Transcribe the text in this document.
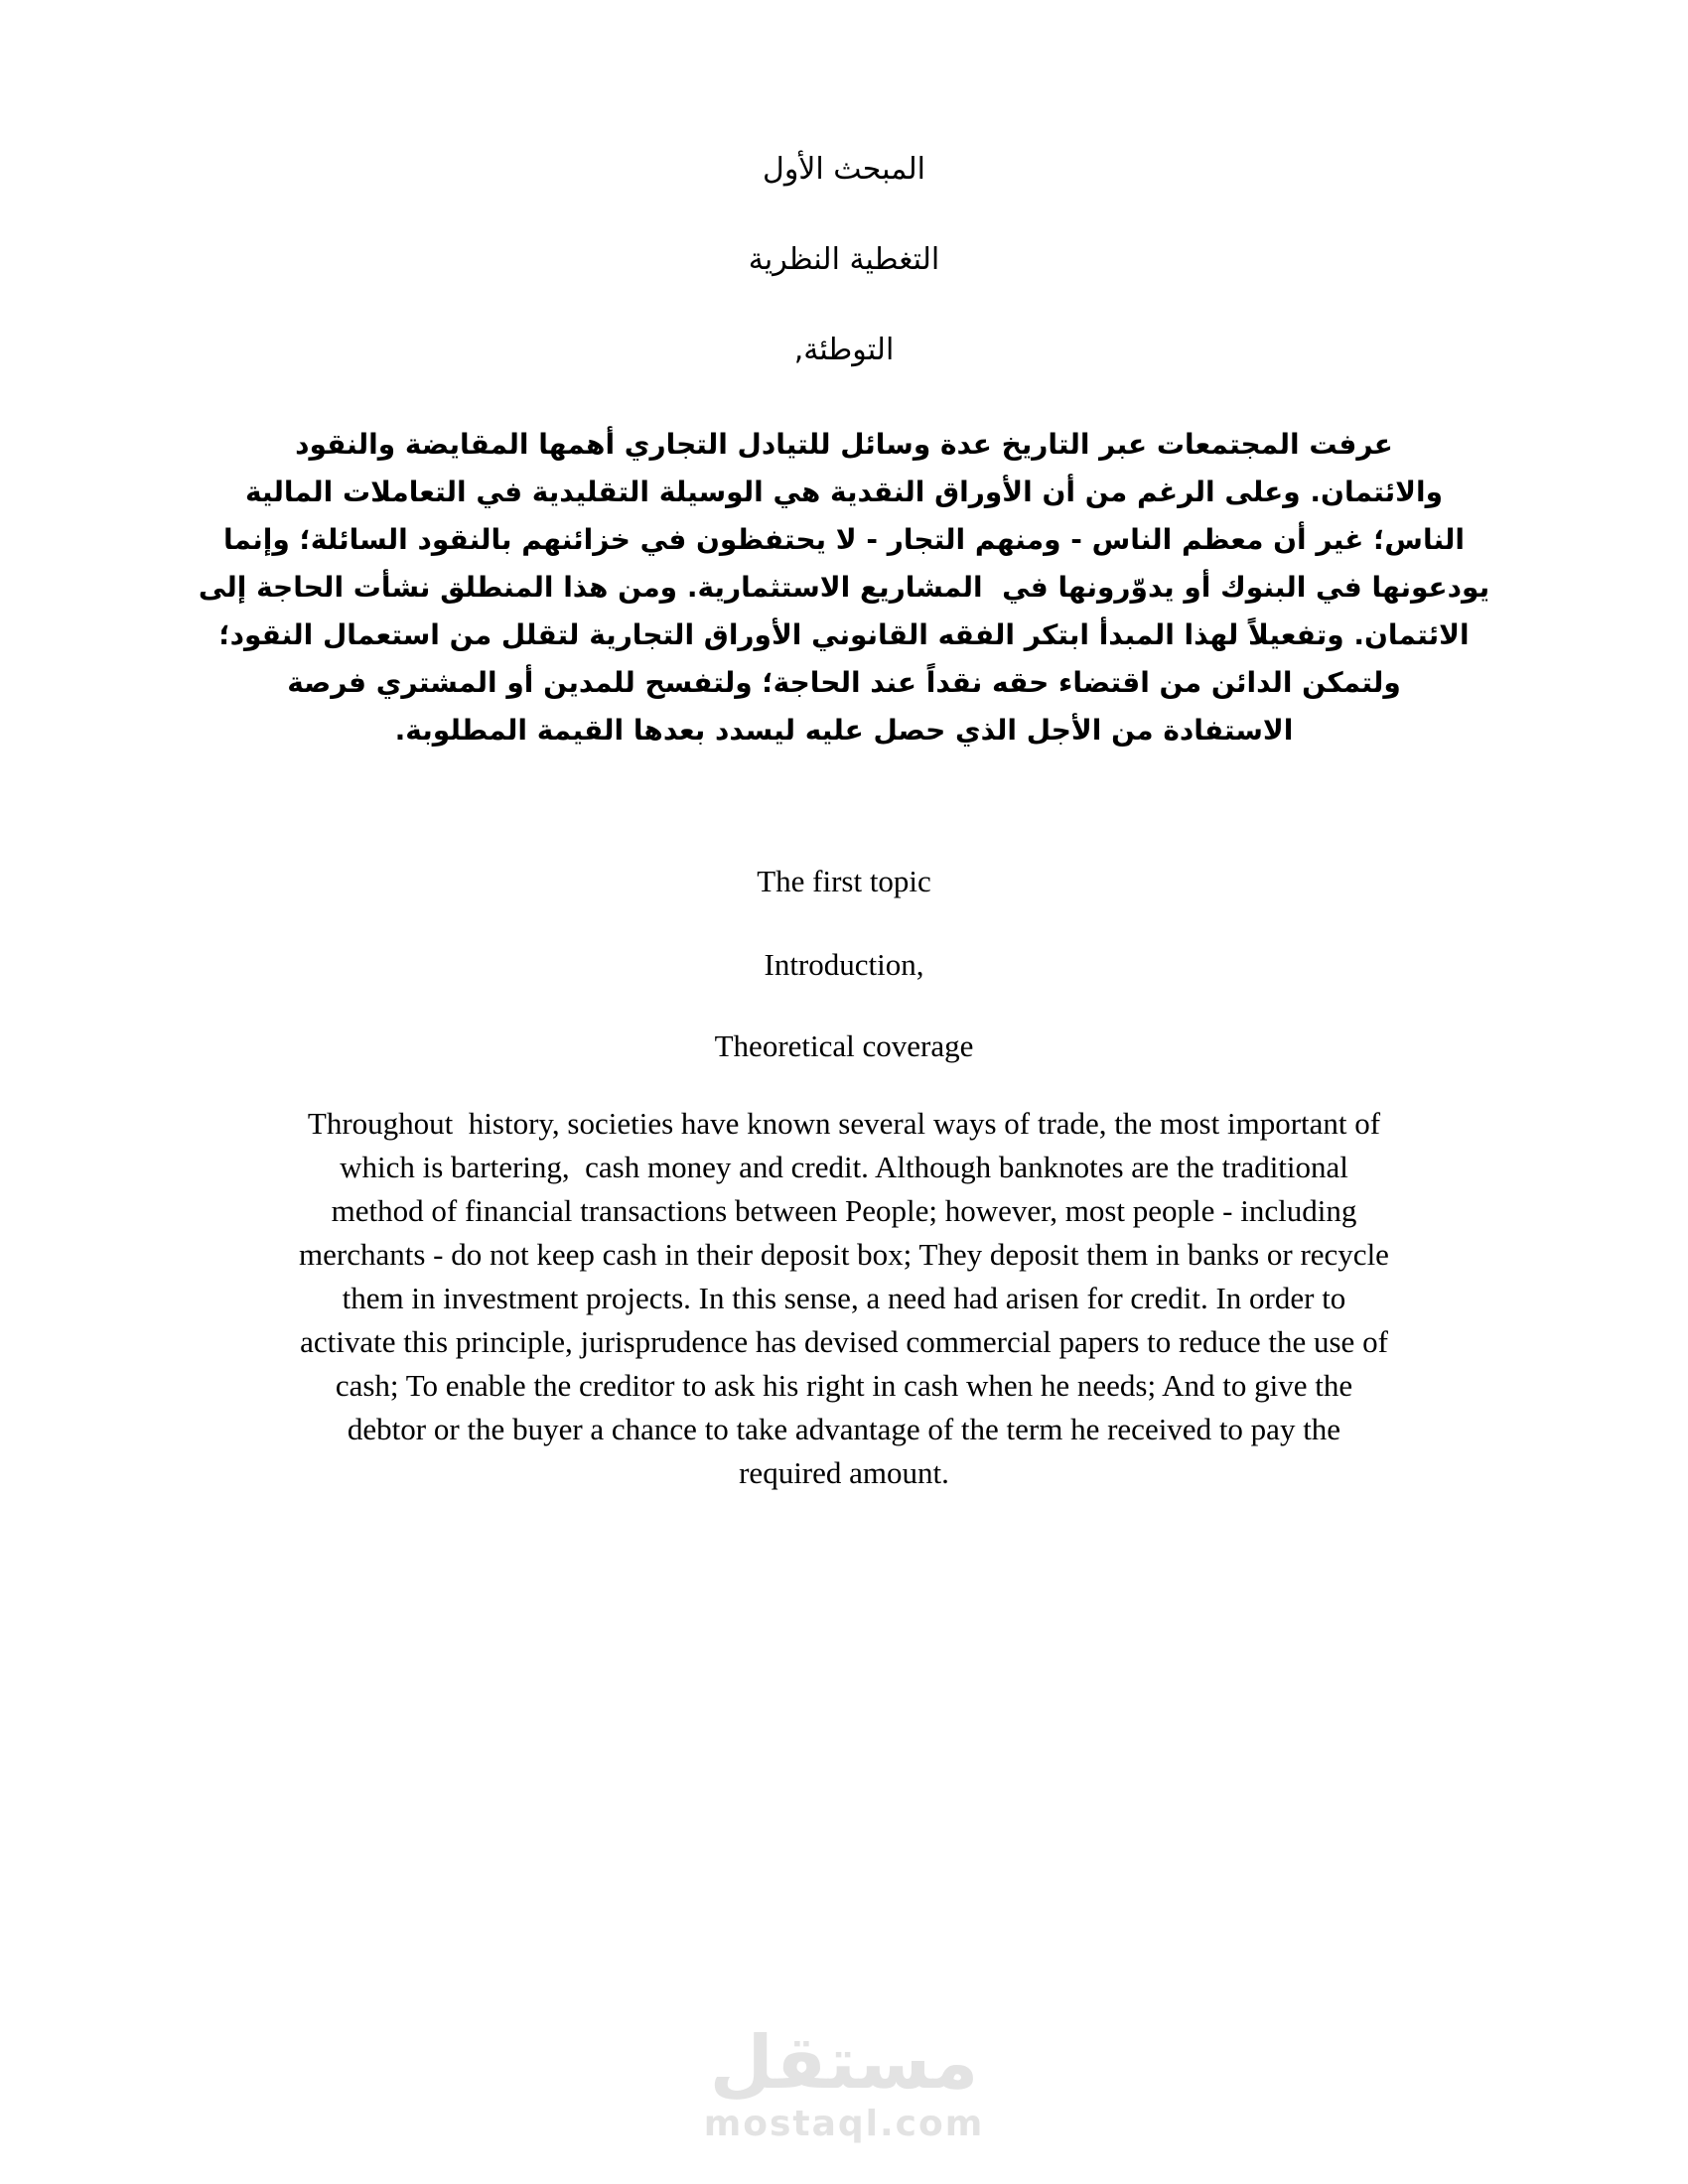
المبحث الأول
التغطية النظرية
التوطئة,
عرفت المجتمعات عبر التاريخ عدة وسائل للتيادل التجاري أهمها المقايضة والنقود
والائتمان. وعلى الرغم من أن الأوراق النقدية هي الوسيلة التقليدية في التعاملات المالية
الناس؛ غير أن معظم الناس - ومنهم التجار - لا يحتفظون في خزائنهم بالنقود السائلة؛ وإنما
يودعونها في البنوك أو يدوّرونها في  المشاريع الاستثمارية. ومن هذا المنطلق نشأت الحاجة إلى
الائتمان. وتفعيلاً لهذا المبدأ ابتكر الفقه القانوني الأوراق التجارية لتقلل من استعمال النقود؛
ولتمكن الدائن من اقتضاء حقه نقداً عند الحاجة؛ ولتفسح للمدين أو المشتري فرصة
الاستفادة من الأجل الذي حصل عليه ليسدد بعدها القيمة المطلوبة.
The first topic
Introduction,
Theoretical coverage
Throughout  history, societies have known several ways of trade, the most important of
which is bartering,  cash money and credit. Although banknotes are the traditional
method of financial transactions between People; however, most people - including
merchants - do not keep cash in their deposit box; They deposit them in banks or recycle
them in investment projects. In this sense, a need had arisen for credit. In order to
activate this principle, jurisprudence has devised commercial papers to reduce the use of
cash; To enable the creditor to ask his right in cash when he needs; And to give the
debtor or the buyer a chance to take advantage of the term he received to pay the
required amount.
مستقل
mostaql.com
